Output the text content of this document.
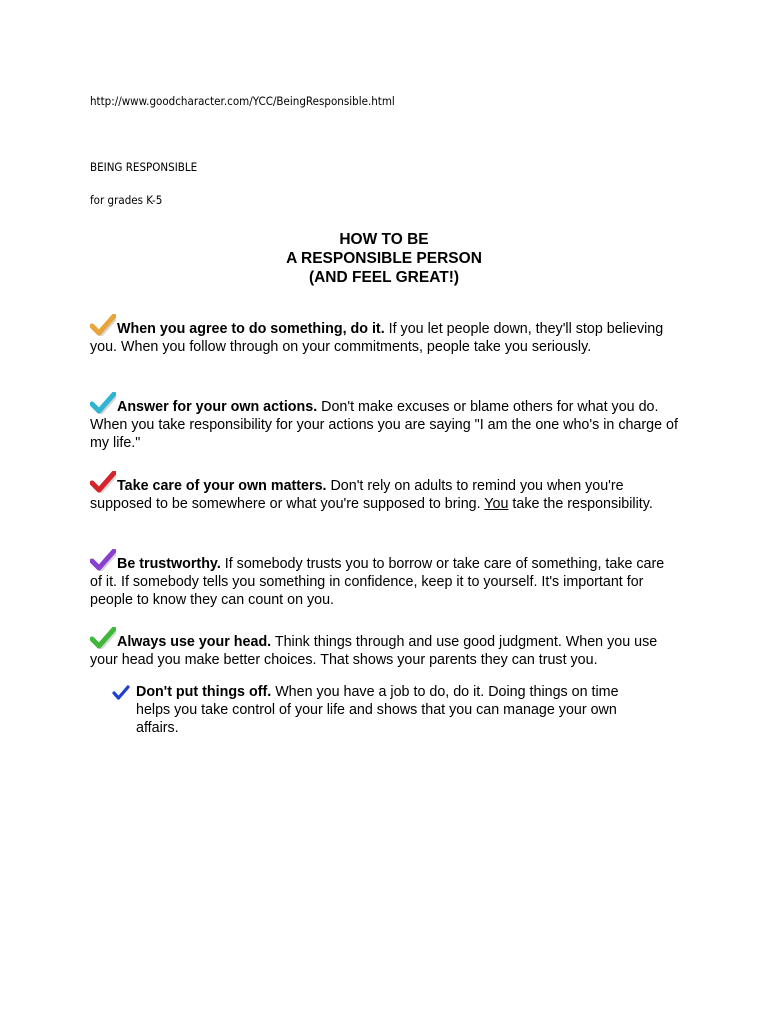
http://www.goodcharacter.com/YCC/BeingResponsible.html
BEING RESPONSIBLE
for grades K-5
HOW TO BE
A RESPONSIBLE PERSON
(AND FEEL GREAT!)
When you agree to do something, do it. If you let people down, they'll stop believing you. When you follow through on your commitments, people take you seriously.
Answer for your own actions. Don't make excuses or blame others for what you do. When you take responsibility for your actions you are saying "I am the one who's in charge of my life."
Take care of your own matters. Don't rely on adults to remind you when you're supposed to be somewhere or what you're supposed to bring. You take the responsibility.
Be trustworthy. If somebody trusts you to borrow or take care of something, take care of it. If somebody tells you something in confidence, keep it to yourself. It's important for people to know they can count on you.
Always use your head. Think things through and use good judgment. When you use your head you make better choices. That shows your parents they can trust you.
Don't put things off. When you have a job to do, do it. Doing things on time helps you take control of your life and shows that you can manage your own affairs.
